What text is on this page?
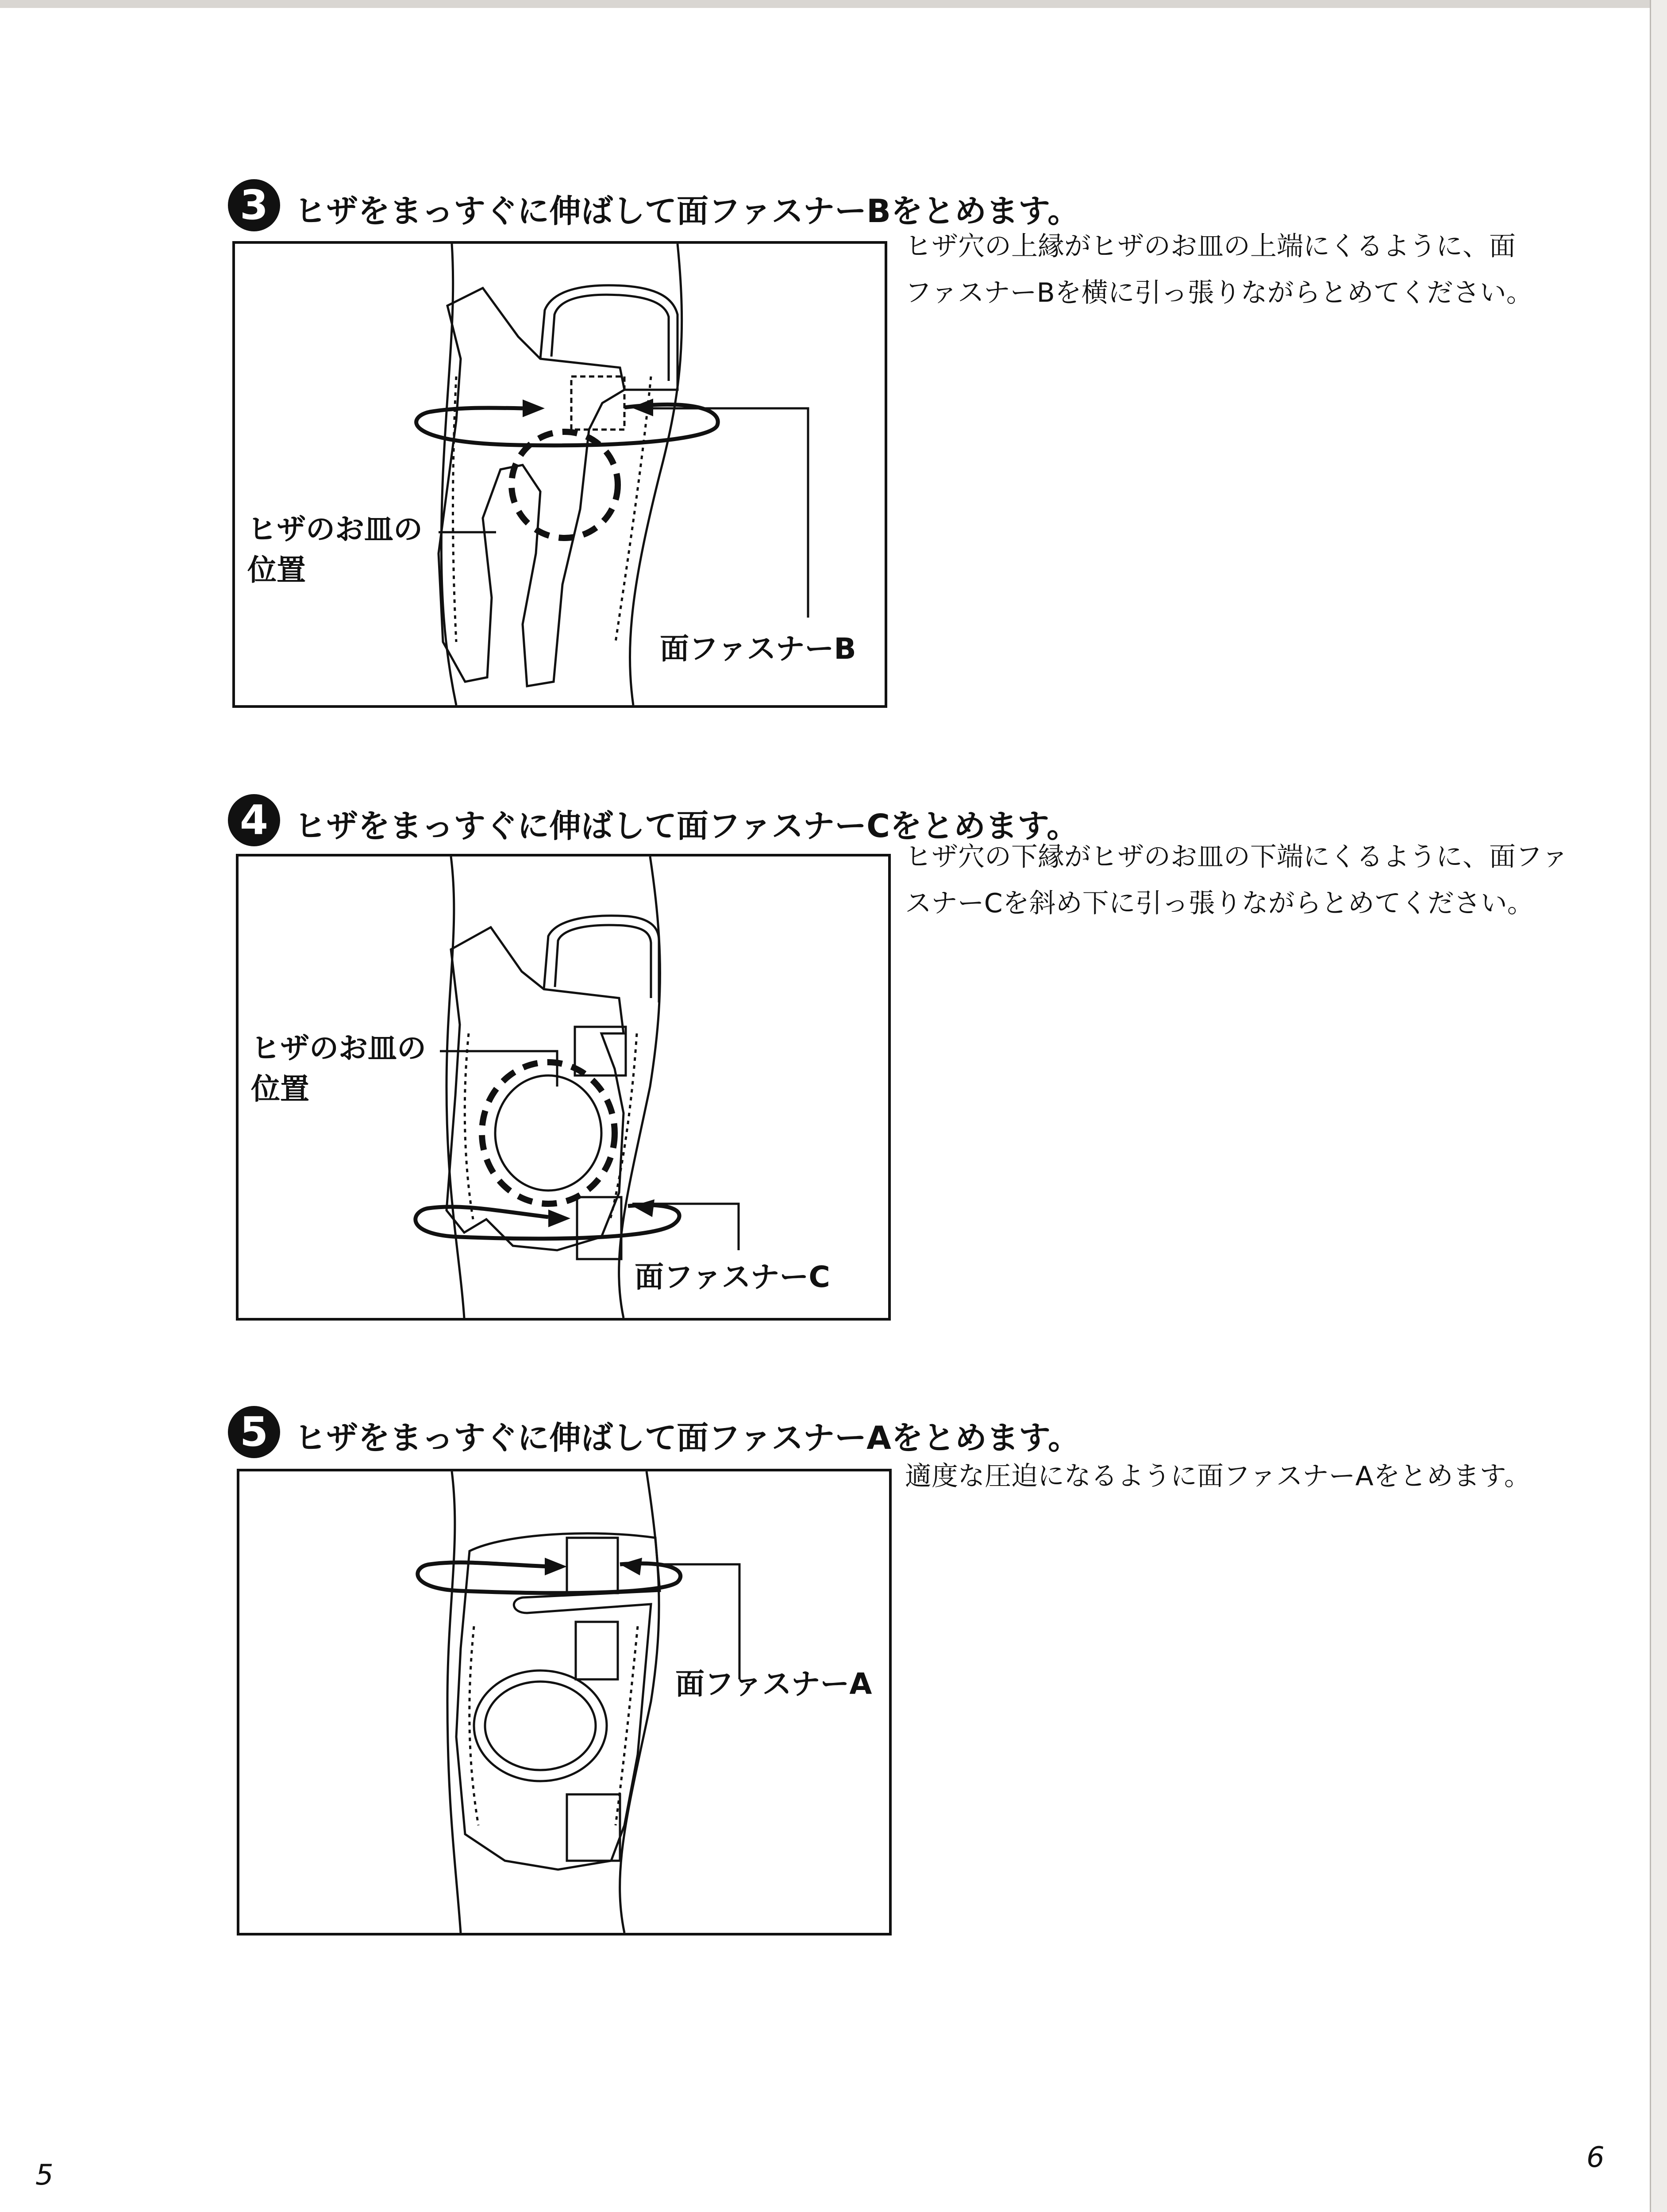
3 ヒザをまっすぐに伸ばして面ファスナーBをとめます。
ヒザ穴の上縁がヒザのお皿の上端にくるように、面
ファスナーBを横に引っ張りながらとめてください。
ヒザのお皿の
位置
面ファスナーB
4 ヒザをまっすぐに伸ばして面ファスナーCをとめます。
ヒザ穴の下縁がヒザのお皿の下端にくるように、面ファ
スナーCを斜め下に引っ張りながらとめてください。
ヒザのお皿の
位置
面ファスナーC
5 ヒザをまっすぐに伸ばして面ファスナーAをとめます。
適度な圧迫になるように面ファスナーAをとめます。
面ファスナーA
5
6
